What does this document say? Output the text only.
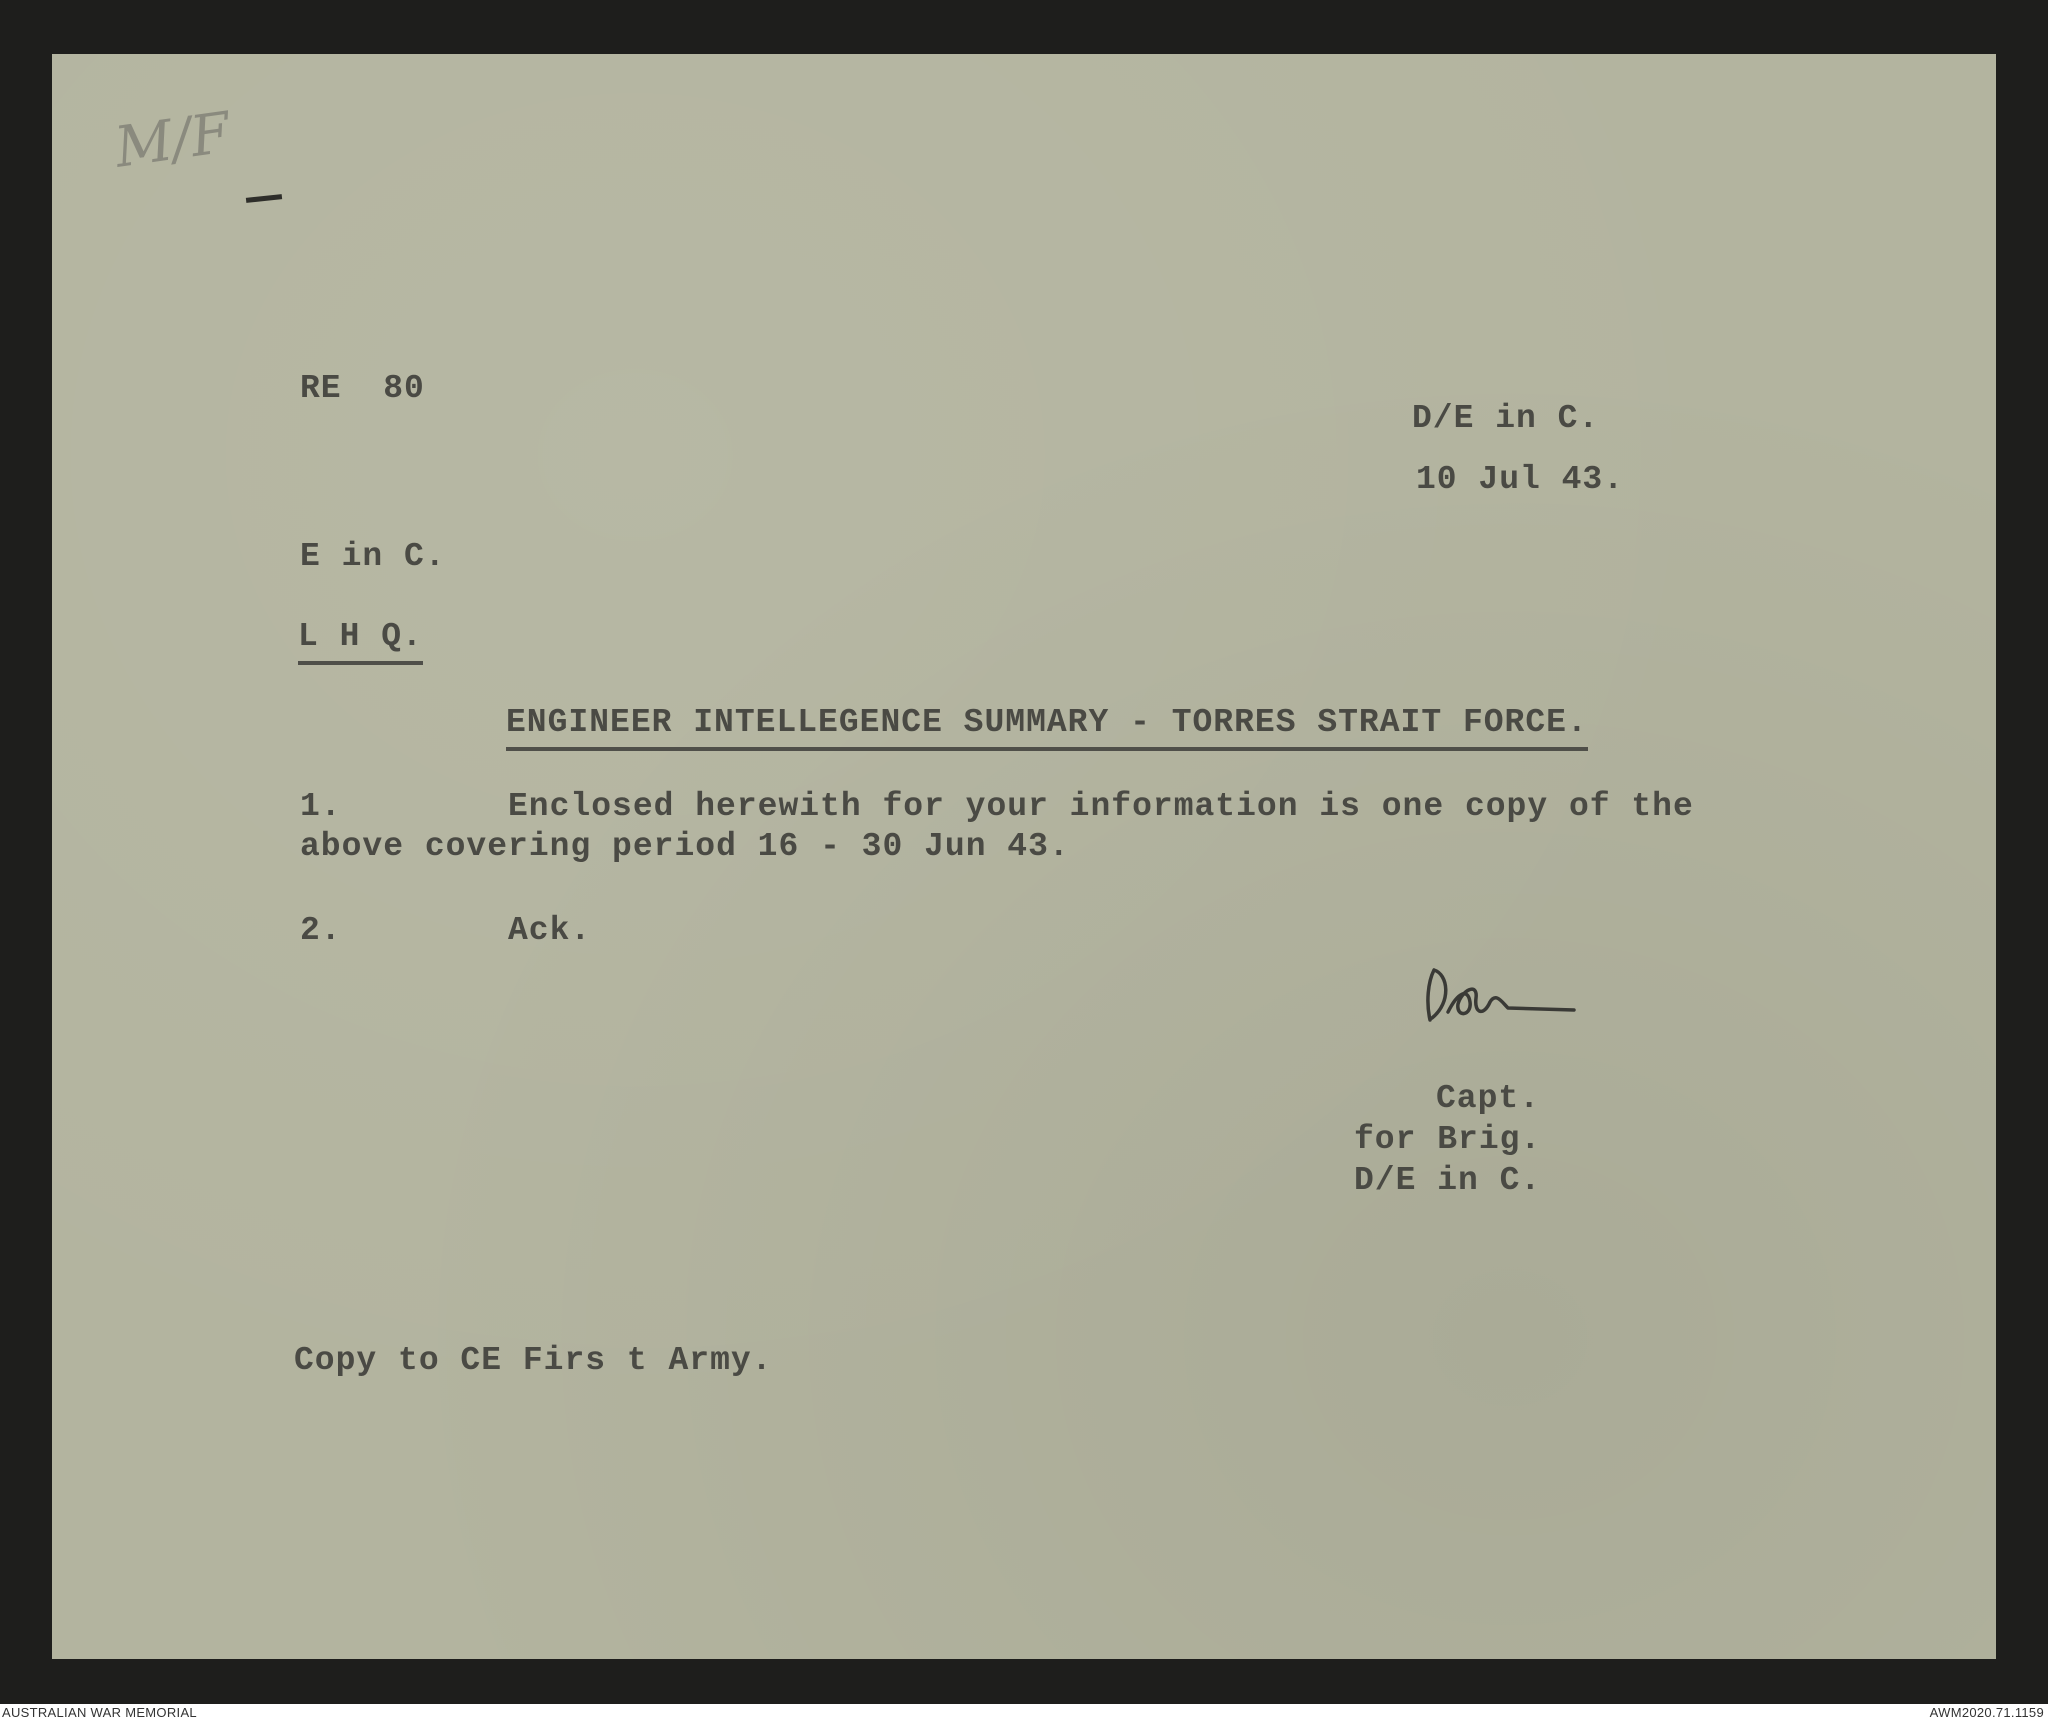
M/F

RE  80

D/E in C.

10 Jul 43.

E in C.

L H Q.

ENGINEER INTELLEGENCE SUMMARY - TORRES STRAIT FORCE.

1.	Enclosed herewith for your information is one copy of the

above covering period 16 - 30 Jun 43.

2.	Ack.

Capt.

for Brig.

D/E in C.

Copy to CE Firs t Army.

AUSTRALIAN WAR MEMORIAL	AWM2020.71.1159
